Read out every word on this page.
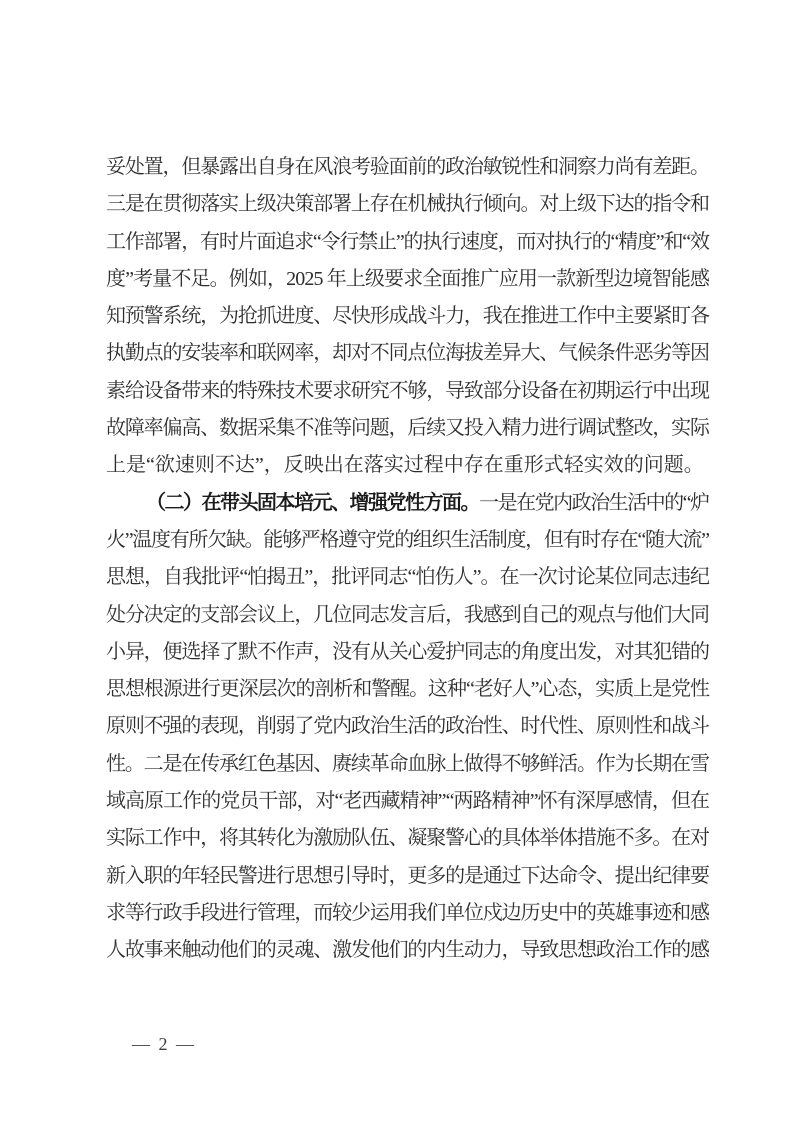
妥处置，但暴露出自身在风浪考验面前的政治敏锐性和洞察力尚有差距。
三是在贯彻落实上级决策部署上存在机械执行倾向。对上级下达的指令和
工作部署，有时片面追求“令行禁止”的执行速度，而对执行的“精度”和“效
度”考量不足。例如，2025 年上级要求全面推广应用一款新型边境智能感
知预警系统，为抢抓进度、尽快形成战斗力，我在推进工作中主要紧盯各
执勤点的安装率和联网率，却对不同点位海拔差异大、气候条件恶劣等因
素给设备带来的特殊技术要求研究不够，导致部分设备在初期运行中出现
故障率偏高、数据采集不准等问题，后续又投入精力进行调试整改，实际
上是“欲速则不达”，反映出在落实过程中存在重形式轻实效的问题。
（二）在带头固本培元、增强党性方面。一是在党内政治生活中的“炉
火”温度有所欠缺。能够严格遵守党的组织生活制度，但有时存在“随大流”
思想，自我批评“怕揭丑”，批评同志“怕伤人”。在一次讨论某位同志违纪
处分决定的支部会议上，几位同志发言后，我感到自己的观点与他们大同
小异，便选择了默不作声，没有从关心爱护同志的角度出发，对其犯错的
思想根源进行更深层次的剖析和警醒。这种“老好人”心态，实质上是党性
原则不强的表现，削弱了党内政治生活的政治性、时代性、原则性和战斗
性。二是在传承红色基因、赓续革命血脉上做得不够鲜活。作为长期在雪
域高原工作的党员干部，对“老西藏精神”“两路精神”怀有深厚感情，但在
实际工作中，将其转化为激励队伍、凝聚警心的具体举体措施不多。在对
新入职的年轻民警进行思想引导时，更多的是通过下达命令、提出纪律要
求等行政手段进行管理，而较少运用我们单位戍边历史中的英雄事迹和感
人故事来触动他们的灵魂、激发他们的内生动力，导致思想政治工作的感
— 2 —
